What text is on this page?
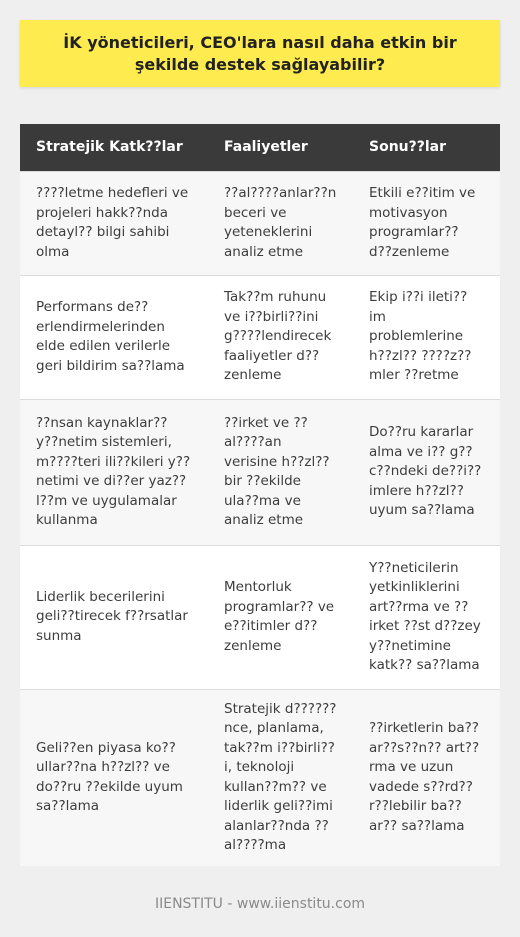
İK yöneticileri, CEO'lara nasıl daha etkin bir şekilde destek sağlayabilir?
Stratejik Katk??lar	Faaliyetler	Sonu??lar
????letme hedefleri ve projeleri hakk??nda detayl?? bilgi sahibi olma	??al????anlar??n beceri ve yeteneklerini analiz etme	Etkili e??itim ve motivasyon programlar?? d??zenleme
Performans de??erlendirmelerinden elde edilen verilerle geri bildirim sa??lama	Tak??m ruhunu ve i??birli??ini g????lendirecek faaliyetler d??zenleme	Ekip i??i ileti??im problemlerine h??zl?? ????z??mler ??retme
??nsan kaynaklar?? y??netim sistemleri, m????teri ili??kileri y??netimi ve di??er yaz??l??m ve uygulamalar kullanma	??irket ve ??al????an verisine h??zl?? bir ??ekilde ula??ma ve analiz etme	Do??ru kararlar alma ve i?? g??c??ndeki de??i??imlere h??zl?? uyum sa??lama
Liderlik becerilerini geli??tirecek f??rsatlar sunma	Mentorluk programlar?? ve e??itimler d??zenleme	Y??neticilerin yetkinliklerini art??rma ve ??irket ??st d??zey y??netimine katk?? sa??lama
Geli??en piyasa ko??ullar??na h??zl?? ve do??ru ??ekilde uyum sa??lama	Stratejik d??????nce, planlama, tak??m i??birli??i, teknoloji kullan??m?? ve liderlik geli??imi alanlar??nda ??al????ma	??irketlerin ba??ar??s??n?? art??rma ve uzun vadede s??rd??r??lebilir ba??ar?? sa??lama
IIENSTITU - www.iienstitu.com
